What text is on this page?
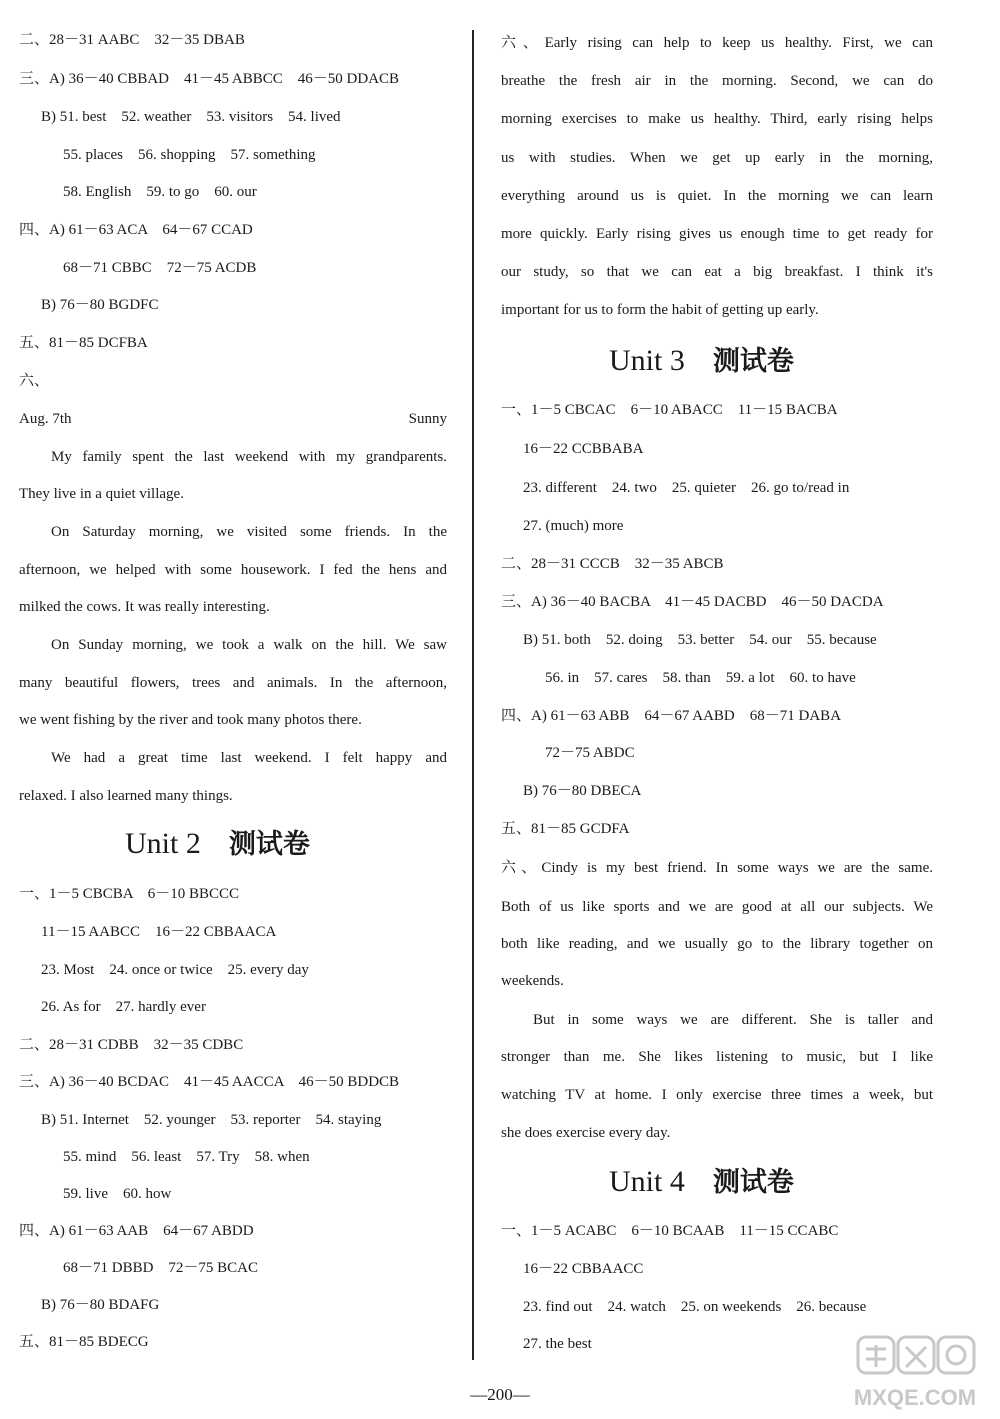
二、28－31 AABC　32－35 DBAB
三、A) 36－40 CBBAD　41－45 ABBCC　46－50 DDACB
B) 51. best　52. weather　53. visitors　54. lived
55. places　56. shopping　57. something
58. English　59. to go　60. our
四、A) 61－63 ACA　64－67 CCAD
68－71 CBBC　72－75 ACDB
B) 76－80 BGDFC
五、81－85 DCFBA
六、
Aug. 7th	Sunny
My family spent the last weekend with my grandparents.
They live in a quiet village.
On Saturday morning, we visited some friends. In the
afternoon, we helped with some housework. I fed the hens and
milked the cows. It was really interesting.
On Sunday morning, we took a walk on the hill. We saw
many beautiful flowers, trees and animals. In the afternoon,
we went fishing by the river and took many photos there.
We had a great time last weekend. I felt happy and
relaxed. I also learned many things.
Unit 2 测试卷
一、1－5 CBCBA　6－10 BBCCC
11－15 AABCC　16－22 CBBAACA
23. Most　24. once or twice　25. every day
26. As for　27. hardly ever
二、28－31 CDBB　32－35 CDBC
三、A) 36－40 BCDAC　41－45 AACCA　46－50 BDDCB
B) 51. Internet　52. younger　53. reporter　54. staying
55. mind　56. least　57. Try　58. when
59. live　60. how
四、A) 61－63 AAB　64－67 ABDD
68－71 DBBD　72－75 BCAC
B) 76－80 BDAFG
五、81－85 BDECG
六、Early rising can help to keep us healthy. First, we can
breathe the fresh air in the morning. Second, we can do
morning exercises to make us healthy. Third, early rising helps
us with studies. When we get up early in the morning,
everything around us is quiet. In the morning we can learn
more quickly. Early rising gives us enough time to get ready for
our study, so that we can eat a big breakfast. I think it's
important for us to form the habit of getting up early.
Unit 3 测试卷
一、1－5 CBCAC　6－10 ABACC　11－15 BACBA
16－22 CCBBABA
23. different　24. two　25. quieter　26. go to/read in
27. (much) more
二、28－31 CCCB　32－35 ABCB
三、A) 36－40 BACBA　41－45 DACBD　46－50 DACDA
B) 51. both　52. doing　53. better　54. our　55. because
56. in　57. cares　58. than　59. a lot　60. to have
四、A) 61－63 ABB　64－67 AABD　68－71 DABA
72－75 ABDC
B) 76－80 DBECA
五、81－85 GCDFA
六、Cindy is my best friend. In some ways we are the same.
Both of us like sports and we are good at all our subjects. We
both like reading, and we usually go to the library together on
weekends.
But in some ways we are different. She is taller and
stronger than me. She likes listening to music, but I like
watching TV at home. I only exercise three times a week, but
she does exercise every day.
Unit 4 测试卷
一、1－5 ACABC　6－10 BCAAB　11－15 CCABC
16－22 CBBAACC
23. find out　24. watch　25. on weekends　26. because
27. the best
—200—	MXQE.COM
